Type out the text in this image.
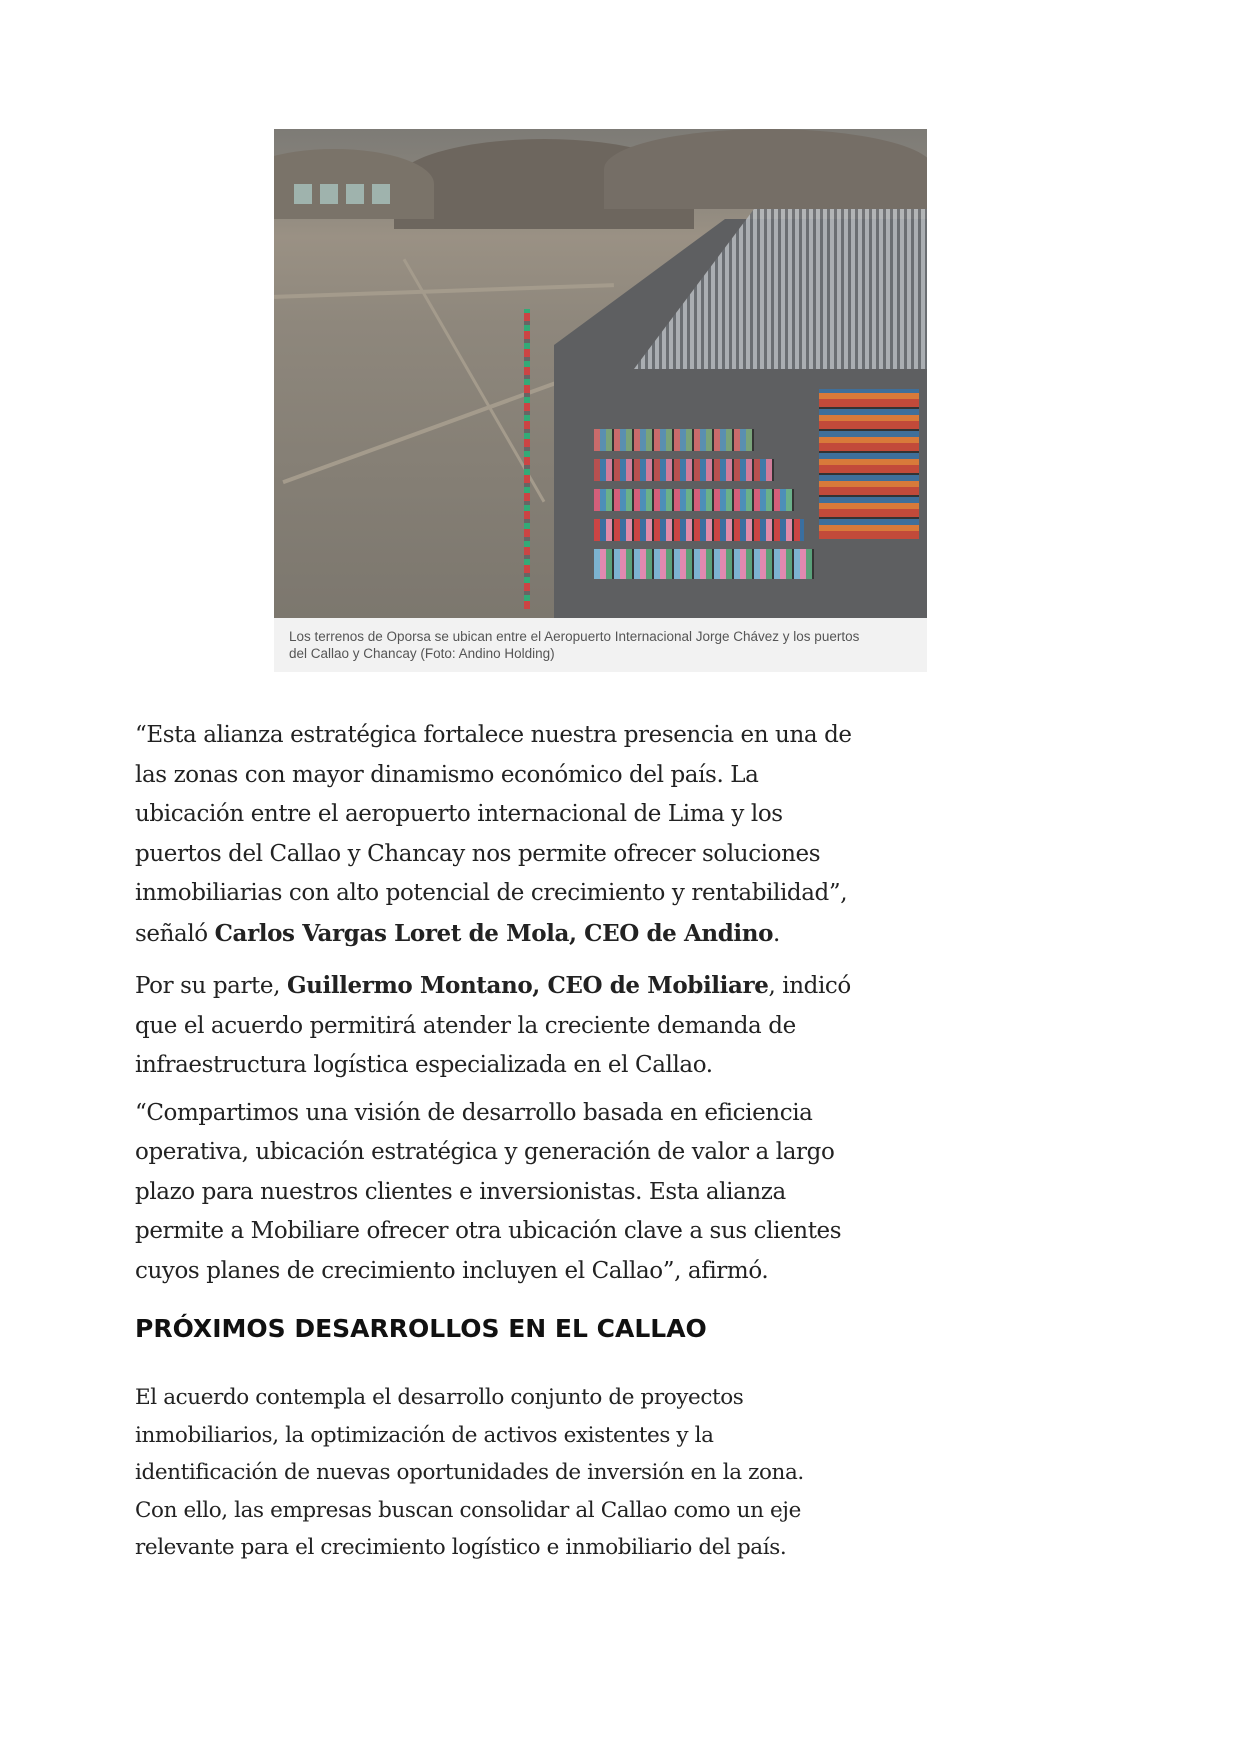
Los terrenos de Oporsa se ubican entre el Aeropuerto Internacional Jorge Chávez y los puertos
del Callao y Chancay (Foto: Andino Holding)
“Esta alianza estratégica fortalece nuestra presencia en una de
las zonas con mayor dinamismo económico del país. La
ubicación entre el aeropuerto internacional de Lima y los
puertos del Callao y Chancay nos permite ofrecer soluciones
inmobiliarias con alto potencial de crecimiento y rentabilidad”,
señaló Carlos Vargas Loret de Mola, CEO de Andino.
Por su parte, Guillermo Montano, CEO de Mobiliare, indicó
que el acuerdo permitirá atender la creciente demanda de
infraestructura logística especializada en el Callao.
“Compartimos una visión de desarrollo basada en eficiencia
operativa, ubicación estratégica y generación de valor a largo
plazo para nuestros clientes e inversionistas. Esta alianza
permite a Mobiliare ofrecer otra ubicación clave a sus clientes
cuyos planes de crecimiento incluyen el Callao”, afirmó.
PRÓXIMOS DESARROLLOS EN EL CALLAO
El acuerdo contempla el desarrollo conjunto de proyectos
inmobiliarios, la optimización de activos existentes y la
identificación de nuevas oportunidades de inversión en la zona.
Con ello, las empresas buscan consolidar al Callao como un eje
relevante para el crecimiento logístico e inmobiliario del país.
